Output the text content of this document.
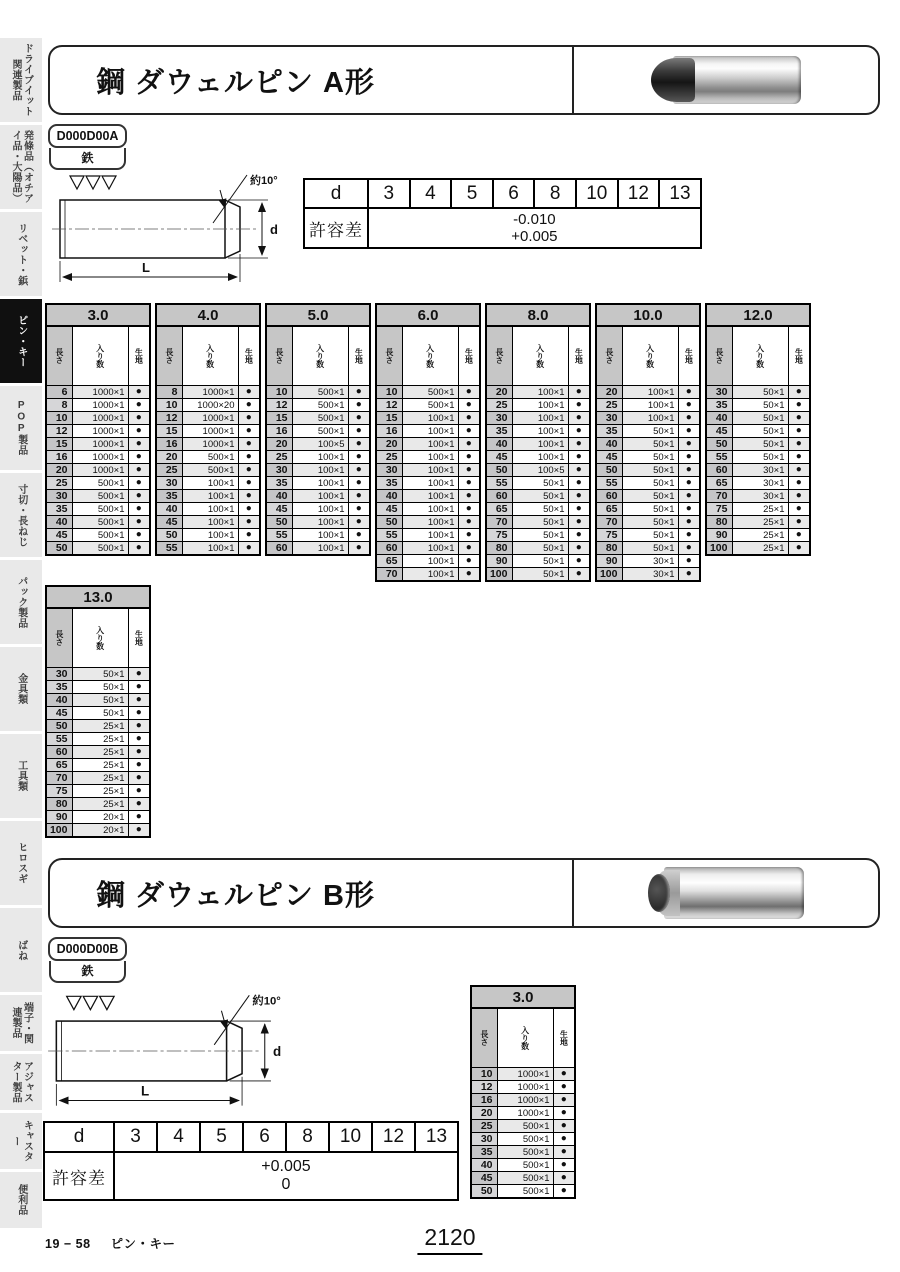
ドライブイット関連製品
発條品（オチアイ品・大陽品）
リベット・鋲
ピン・キー
POP製品
寸切・長ねじ
パック製品
金具類
工具類
ヒロスギ
ばね
端子・関連製品
アジャスター製品
キャスター
便利品
鋼 ダウェルピン A形
D000D00A
鉄
約10°
d
L
d	3	4	5	6	8	10	12	13
許容差	-0.010
+0.005							
3.0		

長さ	入り数	生地

6	1000×1	●
8	1000×1	●
10	1000×1	●
12	1000×1	●
15	1000×1	●
16	1000×1	●
20	1000×1	●
25	500×1	●
30	500×1	●
35	500×1	●
40	500×1	●
45	500×1	●
50	500×1	●
4.0		

長さ	入り数	生地

8	1000×1	●
10	1000×20	●
12	1000×1	●
15	1000×1	●
16	1000×1	●
20	500×1	●
25	500×1	●
30	100×1	●
35	100×1	●
40	100×1	●
45	100×1	●
50	100×1	●
55	100×1	●
5.0		

長さ	入り数	生地

10	500×1	●
12	500×1	●
15	500×1	●
16	500×1	●
20	100×5	●
25	100×1	●
30	100×1	●
35	100×1	●
40	100×1	●
45	100×1	●
50	100×1	●
55	100×1	●
60	100×1	●
6.0		

長さ	入り数	生地

10	500×1	●
12	500×1	●
15	100×1	●
16	100×1	●
20	100×1	●
25	100×1	●
30	100×1	●
35	100×1	●
40	100×1	●
45	100×1	●
50	100×1	●
55	100×1	●
60	100×1	●
65	100×1	●
70	100×1	●
8.0		

長さ	入り数	生地

20	100×1	●
25	100×1	●
30	100×1	●
35	100×1	●
40	100×1	●
45	100×1	●
50	100×5	●
55	50×1	●
60	50×1	●
65	50×1	●
70	50×1	●
75	50×1	●
80	50×1	●
90	50×1	●
100	50×1	●
10.0		

長さ	入り数	生地

20	100×1	●
25	100×1	●
30	100×1	●
35	50×1	●
40	50×1	●
45	50×1	●
50	50×1	●
55	50×1	●
60	50×1	●
65	50×1	●
70	50×1	●
75	50×1	●
80	50×1	●
90	30×1	●
100	30×1	●
12.0		

長さ	入り数	生地

30	50×1	●
35	50×1	●
40	50×1	●
45	50×1	●
50	50×1	●
55	50×1	●
60	30×1	●
65	30×1	●
70	30×1	●
75	25×1	●
80	25×1	●
90	25×1	●
100	25×1	●
13.0		

長さ	入り数	生地

30	50×1	●
35	50×1	●
40	50×1	●
45	50×1	●
50	25×1	●
55	25×1	●
60	25×1	●
65	25×1	●
70	25×1	●
75	25×1	●
80	25×1	●
90	20×1	●
100	20×1	●
鋼 ダウェルピン B形
D000D00B
鉄
約10°
d
L
3.0		

長さ	入り数	生地

10	1000×1	●
12	1000×1	●
16	1000×1	●
20	1000×1	●
25	500×1	●
30	500×1	●
35	500×1	●
40	500×1	●
45	500×1	●
50	500×1	●
d	3	4	5	6	8	10	12	13
許容差	+0.005
0							
19 − 58 ピン・キー	2120
